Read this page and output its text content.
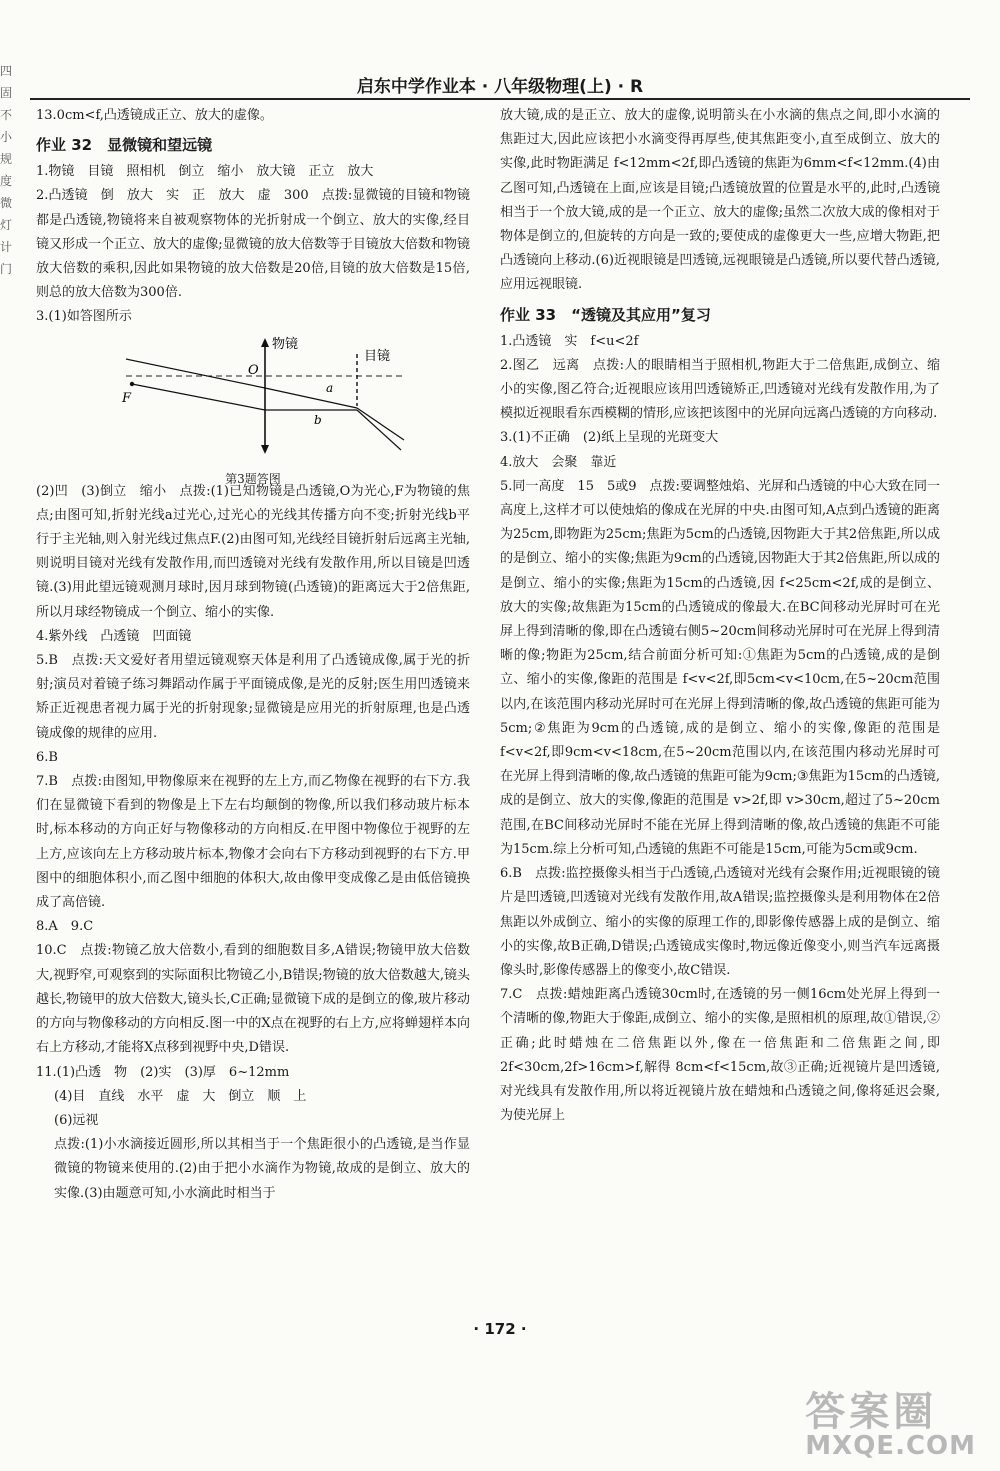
四
固
不
小
规
度
微
灯
计
门
启东中学作业本 · 八年级物理(上) · R

13.0cm<f,凸透镜成正立、放大的虚像。

作业 32　显微镜和望远镜

1.物镜　目镜　照相机　倒立　缩小　放大镜　正立　放大

2.凸透镜　倒　放大　实　正　放大　虚　300　点拨:显微镜的目镜和物镜都是凸透镜,物镜将来自被观察物体的光折射成一个倒立、放大的实像,经目镜又形成一个正立、放大的虚像;显微镜的放大倍数等于目镜放大倍数和物镜放大倍数的乘积,因此如果物镜的放大倍数是20倍,目镜的放大倍数是15倍,则总的放大倍数为300倍.

3.(1)如答图所示

物镜
目镜
O
F
a
b
第3题答图

(2)凹　(3)倒立　缩小　点拨:(1)已知物镜是凸透镜,O为光心,F为物镜的焦点;由图可知,折射光线a过光心,过光心的光线其传播方向不变;折射光线b平行于主光轴,则入射光线过焦点F.(2)由图可知,光线经目镜折射后远离主光轴,则说明目镜对光线有发散作用,而凹透镜对光线有发散作用,所以目镜是凹透镜.(3)用此望远镜观测月球时,因月球到物镜(凸透镜)的距离远大于2倍焦距,所以月球经物镜成一个倒立、缩小的实像.

4.紫外线　凸透镜　凹面镜

5.B　点拨:天文爱好者用望远镜观察天体是利用了凸透镜成像,属于光的折射;演员对着镜子练习舞蹈动作属于平面镜成像,是光的反射;医生用凹透镜来矫正近视患者视力属于光的折射现象;显微镜是应用光的折射原理,也是凸透镜成像的规律的应用.

6.B

7.B　点拨:由图知,甲物像原来在视野的左上方,而乙物像在视野的右下方.我们在显微镜下看到的物像是上下左右均颠倒的物像,所以我们移动玻片标本时,标本移动的方向正好与物像移动的方向相反.在甲图中物像位于视野的左上方,应该向左上方移动玻片标本,物像才会向右下方移动到视野的右下方.甲图中的细胞体积小,而乙图中细胞的体积大,故由像甲变成像乙是由低倍镜换成了高倍镜.

8.A　9.C

10.C　点拨:物镜乙放大倍数小,看到的细胞数目多,A错误;物镜甲放大倍数大,视野窄,可观察到的实际面积比物镜乙小,B错误;物镜的放大倍数越大,镜头越长,物镜甲的放大倍数大,镜头长,C正确;显微镜下成的是倒立的像,玻片移动的方向与物像移动的方向相反.图一中的X点在视野的右上方,应将蝉翅样本向右上方移动,才能将X点移到视野中央,D错误.

11.(1)凸透　物　(2)实　(3)厚　6~12mm

(4)目　直线　水平　虚　大　倒立　顺　上

(6)远视

点拨:(1)小水滴接近圆形,所以其相当于一个焦距很小的凸透镜,是当作显微镜的物镜来使用的.(2)由于把小水滴作为物镜,故成的是倒立、放大的实像.(3)由题意可知,小水滴此时相当于

放大镜,成的是正立、放大的虚像,说明箭头在小水滴的焦点之间,即小水滴的焦距过大,因此应该把小水滴变得再厚些,使其焦距变小,直至成倒立、放大的实像,此时物距满足 f<12mm<2f,即凸透镜的焦距为6mm<f<12mm.(4)由乙图可知,凸透镜在上面,应该是目镜;凸透镜放置的位置是水平的,此时,凸透镜相当于一个放大镜,成的是一个正立、放大的虚像;虽然二次放大成的像相对于物体是倒立的,但旋转的方向是一致的;要使成的虚像更大一些,应增大物距,把凸透镜向上移动.(6)近视眼镜是凹透镜,远视眼镜是凸透镜,所以要代替凸透镜,应用远视眼镜.

作业 33　“透镜及其应用”复习

1.凸透镜　实　f<u<2f

2.图乙　远离　点拨:人的眼睛相当于照相机,物距大于二倍焦距,成倒立、缩小的实像,图乙符合;近视眼应该用凹透镜矫正,凹透镜对光线有发散作用,为了模拟近视眼看东西模糊的情形,应该把该图中的光屏向远离凸透镜的方向移动.

3.(1)不正确　(2)纸上呈现的光斑变大

4.放大　会聚　靠近

5.同一高度　15　5或9　点拨:要调整烛焰、光屏和凸透镜的中心大致在同一高度上,这样才可以使烛焰的像成在光屏的中央.由图可知,A点到凸透镜的距离为25cm,即物距为25cm;焦距为5cm的凸透镜,因物距大于其2倍焦距,所以成的是倒立、缩小的实像;焦距为9cm的凸透镜,因物距大于其2倍焦距,所以成的是倒立、缩小的实像;焦距为15cm的凸透镜,因 f<25cm<2f,成的是倒立、放大的实像;故焦距为15cm的凸透镜成的像最大.在BC间移动光屏时可在光屏上得到清晰的像,即在凸透镜右侧5~20cm间移动光屏时可在光屏上得到清晰的像;物距为25cm,结合前面分析可知:①焦距为5cm的凸透镜,成的是倒立、缩小的实像,像距的范围是 f<v<2f,即5cm<v<10cm,在5~20cm范围以内,在该范围内移动光屏时可在光屏上得到清晰的像,故凸透镜的焦距可能为5cm;②焦距为9cm的凸透镜,成的是倒立、缩小的实像,像距的范围是 f<v<2f,即9cm<v<18cm,在5~20cm范围以内,在该范围内移动光屏时可在光屏上得到清晰的像,故凸透镜的焦距可能为9cm;③焦距为15cm的凸透镜,成的是倒立、放大的实像,像距的范围是 v>2f,即 v>30cm,超过了5~20cm范围,在BC间移动光屏时不能在光屏上得到清晰的像,故凸透镜的焦距不可能为15cm.综上分析可知,凸透镜的焦距不可能是15cm,可能为5cm或9cm.

6.B　点拨:监控摄像头相当于凸透镜,凸透镜对光线有会聚作用;近视眼镜的镜片是凹透镜,凹透镜对光线有发散作用,故A错误;监控摄像头是利用物体在2倍焦距以外成倒立、缩小的实像的原理工作的,即影像传感器上成的是倒立、缩小的实像,故B正确,D错误;凸透镜成实像时,物远像近像变小,则当汽车远离摄像头时,影像传感器上的像变小,故C错误.

7.C　点拨:蜡烛距离凸透镜30cm时,在透镜的另一侧16cm处光屏上得到一个清晰的像,物距大于像距,成倒立、缩小的实像,是照相机的原理,故①错误,②正确;此时蜡烛在二倍焦距以外,像在一倍焦距和二倍焦距之间,即 2f<30cm,2f>16cm>f,解得 8cm<f<15cm,故③正确;近视镜片是凹透镜,对光线具有发散作用,所以将近视镜片放在蜡烛和凸透镜之间,像将延迟会聚,为使光屏上

· 172 ·
答案圈
MXQE.COM
